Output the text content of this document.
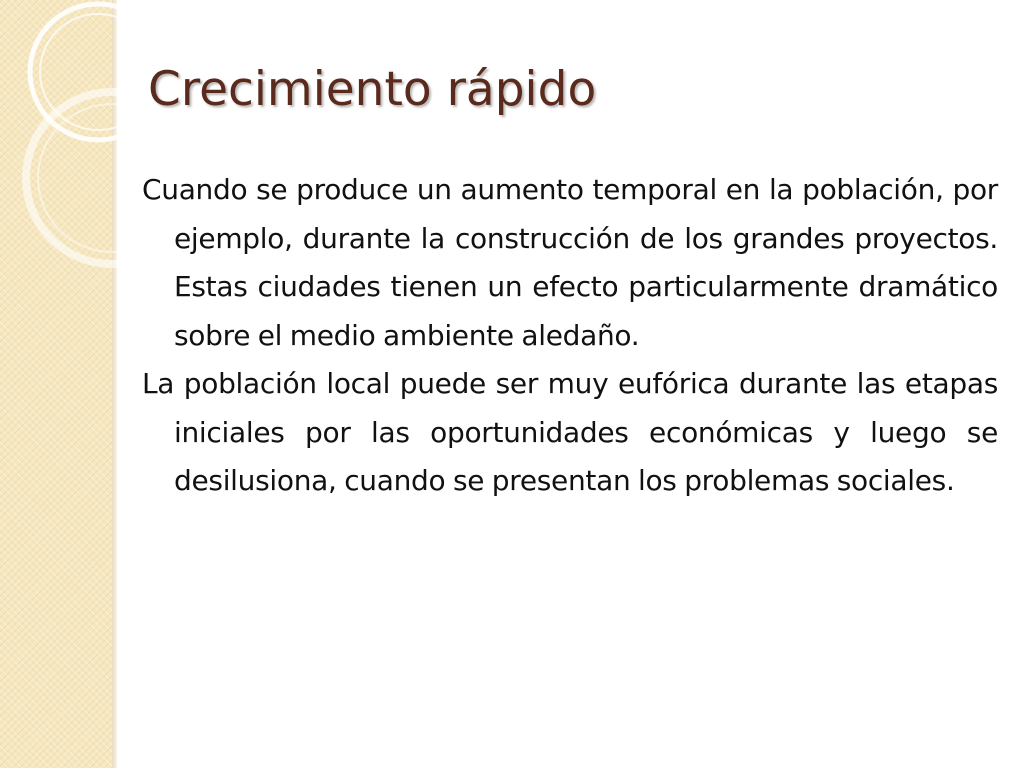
Crecimiento rápido

Cuando se produce un aumento temporal en la población, por ejemplo, durante la construcción de los grandes proyectos. Estas ciudades tienen un efecto particularmente dramático sobre el medio ambiente aledaño.

La población local puede ser muy eufórica durante las etapas iniciales por las oportunidades económicas y luego se desilusiona, cuando se presentan los problemas sociales.
